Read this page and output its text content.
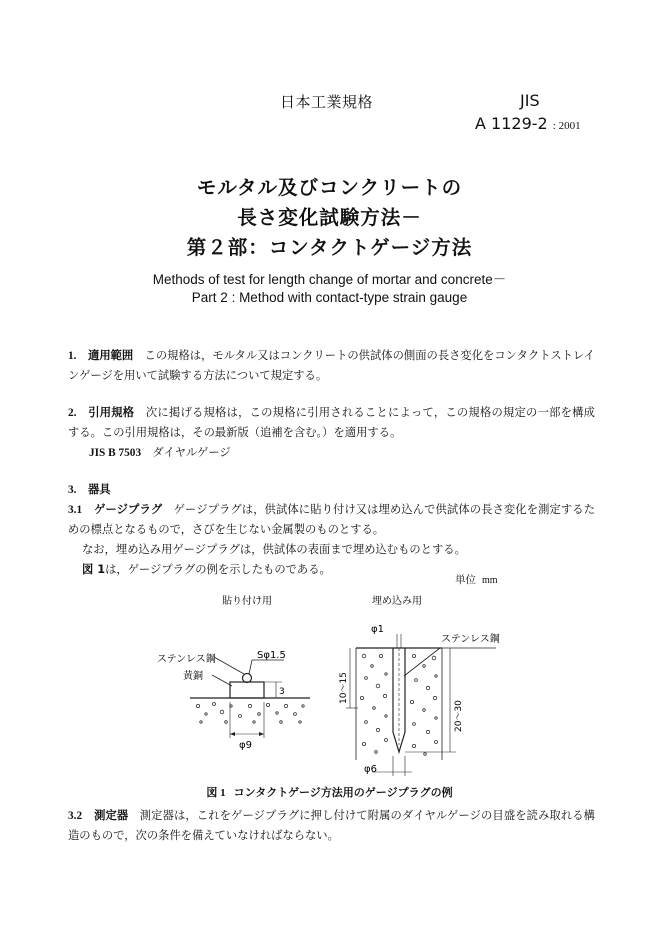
日本工業規格	JIS
A 1129-2 : 2001
モルタル及びコンクリートの
長さ変化試験方法－
第２部：コンタクトゲージ方法
Methods of test for length change of mortar and concrete－
Part 2 : Method with contact-type strain gauge

1. 適用範囲　 この規格は，モルタル又はコンクリートの供試体の側面の長さ変化をコンタクトストレインゲージを用いて試験する方法について規定する。

2. 引用規格　 次に掲げる規格は，この規格に引用されることによって，この規格の規定の一部を構成する。この引用規格は，その最新版（追補を含む。）を適用する。

JIS B 7503　 ダイヤルゲージ

3. 器具

3.1 ゲージプラグ　 ゲージプラグは，供試体に貼り付け又は埋め込んで供試体の長さ変化を測定するための標点となるもので，さびを生じない金属製のものとする。

なお，埋め込み用ゲージプラグは，供試体の表面まで埋め込むものとする。

図 1は，ゲージプラグの例を示したものである。

単位 mm
貼り付け用	埋め込み用
ステンレス鋼
黄銅
Sφ1.5
3
φ9
φ1
ステンレス鋼
10～15
20～30
φ6
図 1 コンタクトゲージ方法用のゲージプラグの例

3.2 測定器　 測定器は，これをゲージプラグに押し付けて附属のダイヤルゲージの目盛を読み取れる構造のもので，次の条件を備えていなければならない。
